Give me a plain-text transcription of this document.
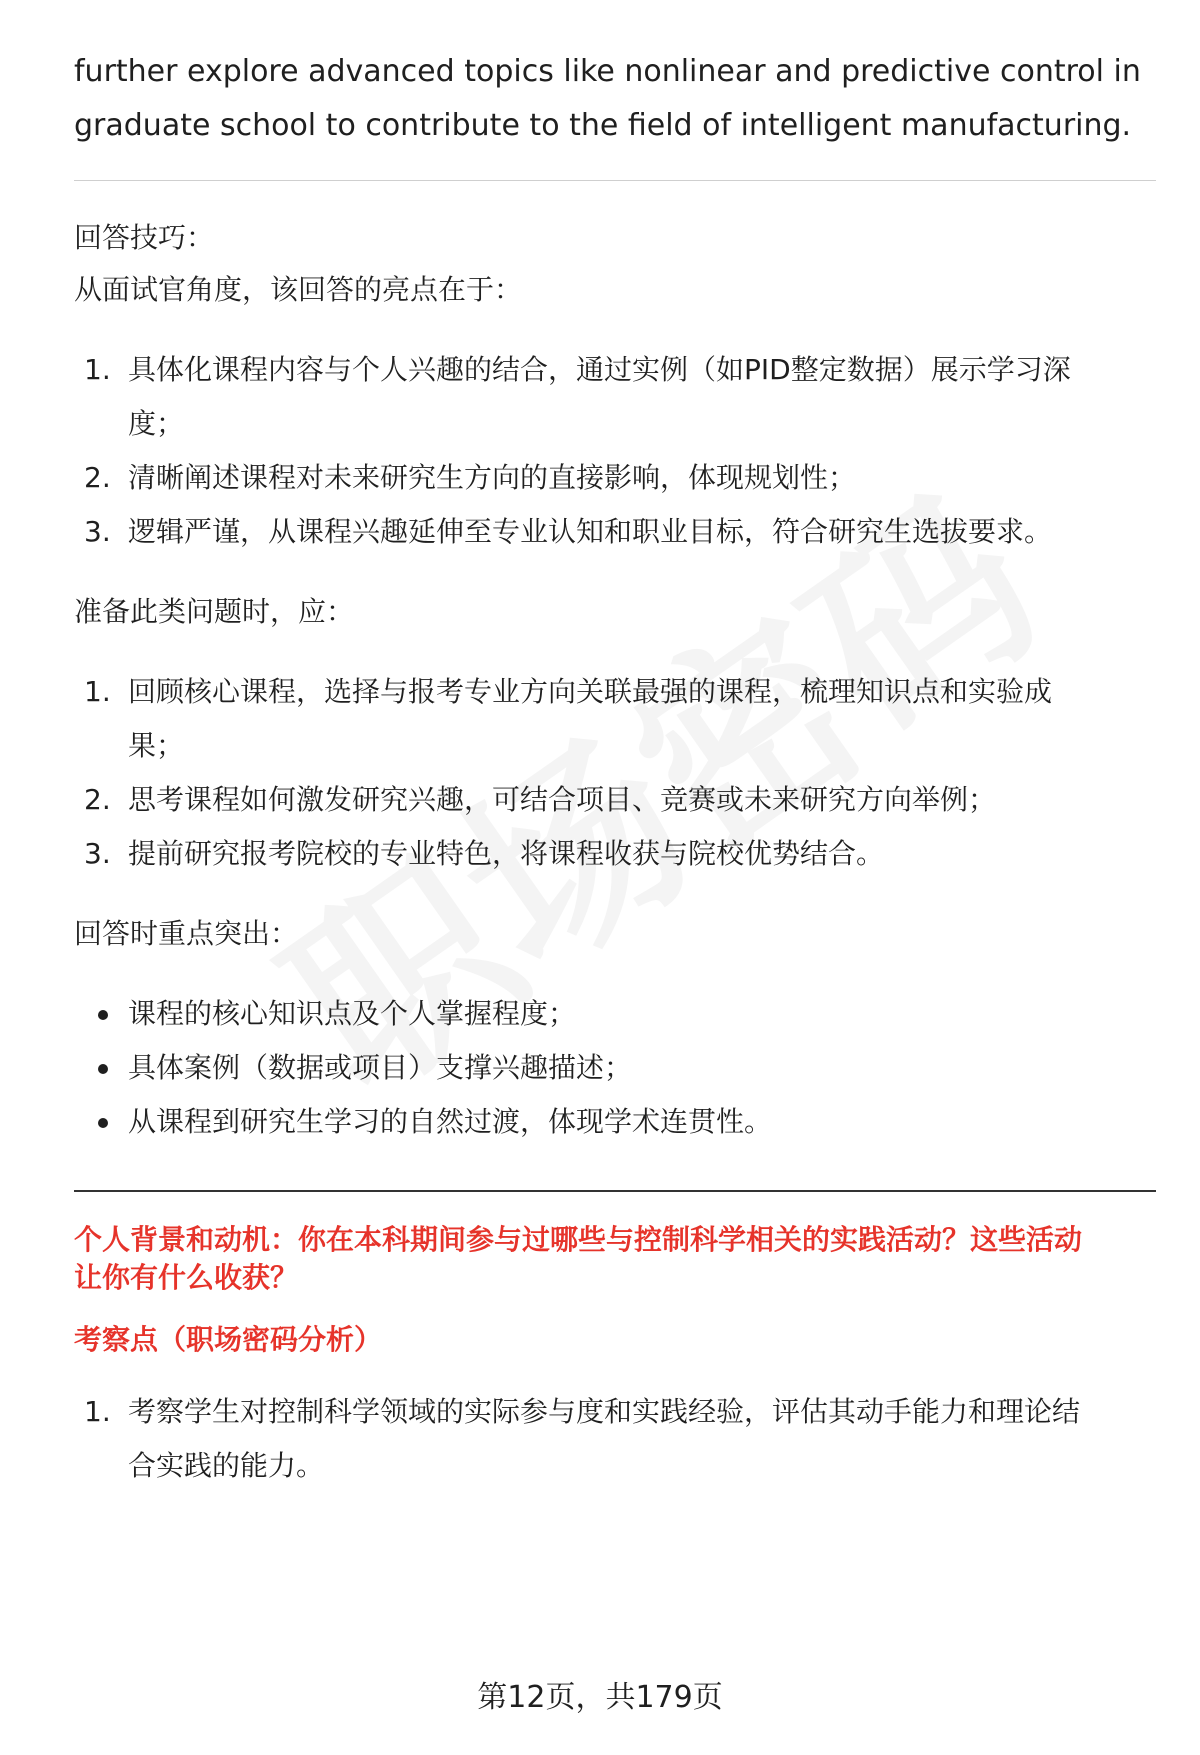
further explore advanced topics like nonlinear and predictive control in
graduate school to contribute to the field of intelligent manufacturing.
回答技巧：
从面试官角度，该回答的亮点在于：
1. 具体化课程内容与个人兴趣的结合，通过实例（如PID整定数据）展示学习深
度；
2. 清晰阐述课程对未来研究生方向的直接影响，体现规划性；
3. 逻辑严谨，从课程兴趣延伸至专业认知和职业目标，符合研究生选拔要求。
准备此类问题时，应：
1. 回顾核心课程，选择与报考专业方向关联最强的课程，梳理知识点和实验成
果；
2. 思考课程如何激发研究兴趣，可结合项目、竞赛或未来研究方向举例；
3. 提前研究报考院校的专业特色，将课程收获与院校优势结合。
回答时重点突出：
课程的核心知识点及个人掌握程度；
具体案例（数据或项目）支撑兴趣描述；
从课程到研究生学习的自然过渡，体现学术连贯性。
个人背景和动机：你在本科期间参与过哪些与控制科学相关的实践活动？这些活动
让你有什么收获？
考察点（职场密码分析）
1. 考察学生对控制科学领域的实际参与度和实践经验，评估其动手能力和理论结
合实践的能力。
第12页，共179页
